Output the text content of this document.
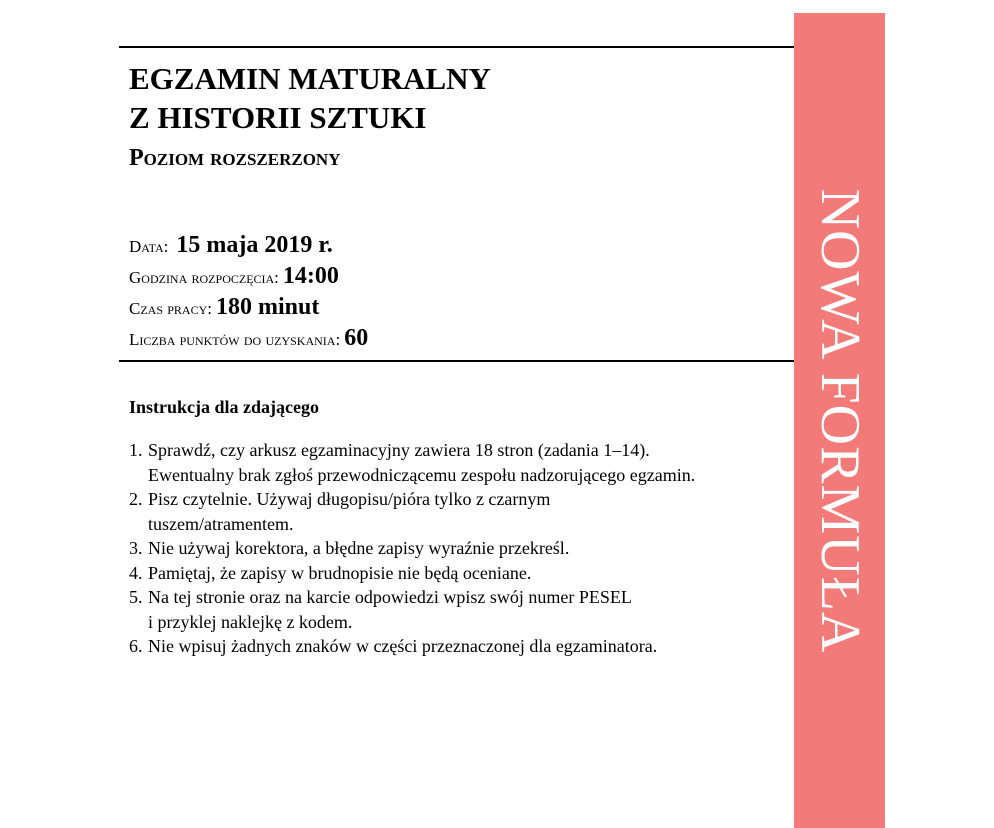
EGZAMIN MATURALNY
Z HISTORII SZTUKI
Poziom rozszerzony
Data: 15 maja 2019 r.
Godzina rozpoczęcia: 14:00
Czas pracy: 180 minut
Liczba punktów do uzyskania: 60
Instrukcja dla zdającego
1. Sprawdź, czy arkusz egzaminacyjny zawiera 18 stron (zadania 1–14).
Ewentualny brak zgłoś przewodniczącemu zespołu nadzorującego egzamin.
2. Pisz czytelnie. Używaj długopisu/pióra tylko z czarnym
tuszem/atramentem.
3. Nie używaj korektora, a błędne zapisy wyraźnie przekreśl.
4. Pamiętaj, że zapisy w brudnopisie nie będą oceniane.
5. Na tej stronie oraz na karcie odpowiedzi wpisz swój numer PESEL
i przyklej naklejkę z kodem.
6. Nie wpisuj żadnych znaków w części przeznaczonej dla egzaminatora.	NOWA FORMUŁA
